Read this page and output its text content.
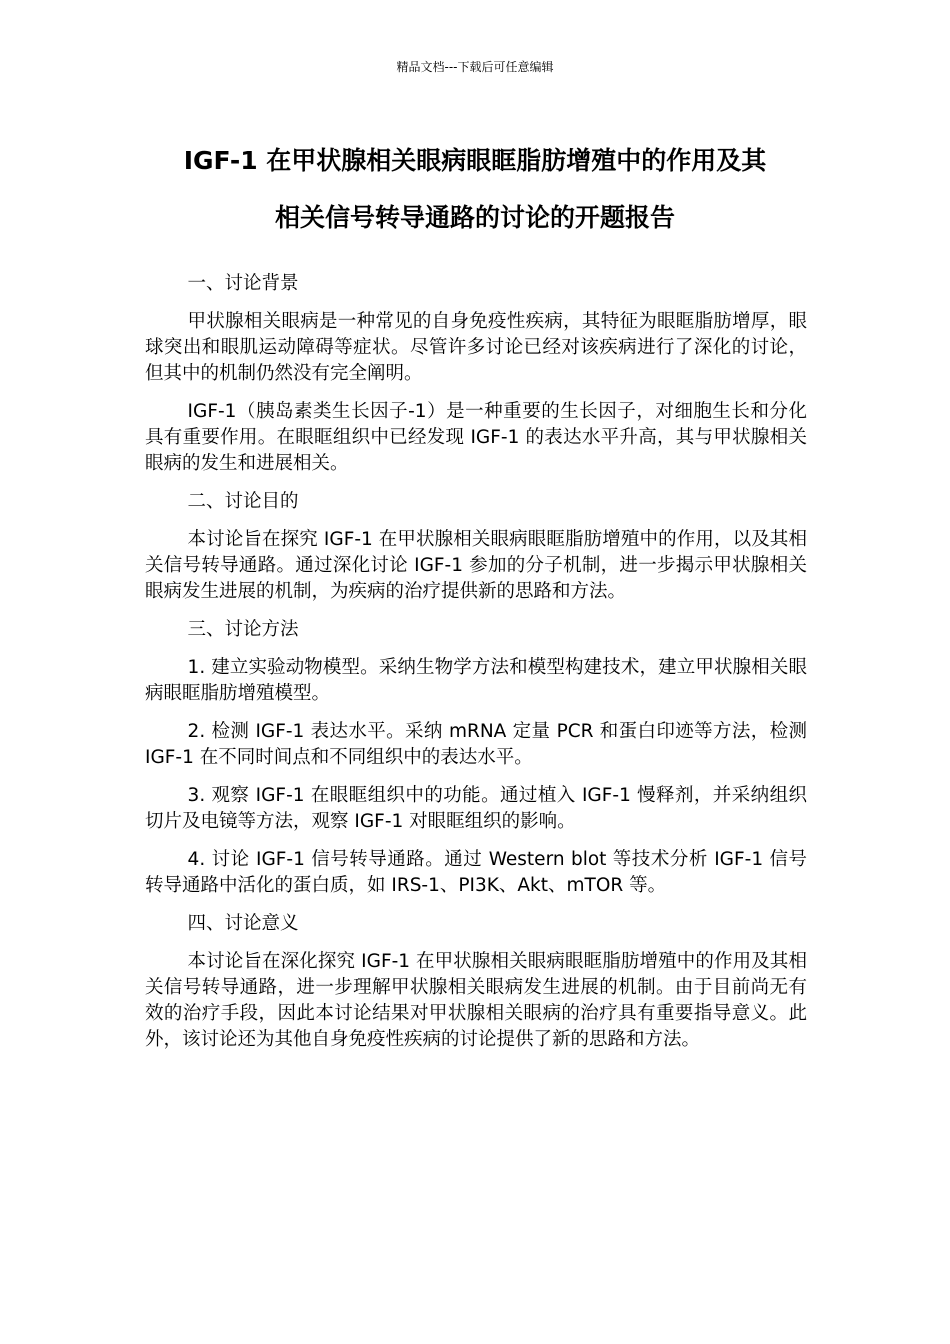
精品文档---下载后可任意编辑
IGF-1 在甲状腺相关眼病眼眶脂肪增殖中的作用及其
相关信号转导通路的讨论的开题报告

一、讨论背景

甲状腺相关眼病是一种常见的自身免疫性疾病，其特征为眼眶脂肪增厚，眼球突出和眼肌运动障碍等症状。尽管许多讨论已经对该疾病进行了深化的讨论，但其中的机制仍然没有完全阐明。

IGF-1（胰岛素类生长因子-1）是一种重要的生长因子，对细胞生长和分化具有重要作用。在眼眶组织中已经发现 IGF-1 的表达水平升高，其与甲状腺相关眼病的发生和进展相关。

二、讨论目的

本讨论旨在探究 IGF-1 在甲状腺相关眼病眼眶脂肪增殖中的作用，以及其相关信号转导通路。通过深化讨论 IGF-1 参加的分子机制，进一步揭示甲状腺相关眼病发生进展的机制，为疾病的治疗提供新的思路和方法。

三、讨论方法

1. 建立实验动物模型。采纳生物学方法和模型构建技术，建立甲状腺相关眼病眼眶脂肪增殖模型。

2. 检测 IGF-1 表达水平。采纳 mRNA 定量 PCR 和蛋白印迹等方法，检测 IGF-1 在不同时间点和不同组织中的表达水平。

3. 观察 IGF-1 在眼眶组织中的功能。通过植入 IGF-1 慢释剂，并采纳组织切片及电镜等方法，观察 IGF-1 对眼眶组织的影响。

4. 讨论 IGF-1 信号转导通路。通过 Western blot 等技术分析 IGF-1 信号转导通路中活化的蛋白质，如 IRS-1、PI3K、Akt、mTOR 等。

四、讨论意义

本讨论旨在深化探究 IGF-1 在甲状腺相关眼病眼眶脂肪增殖中的作用及其相关信号转导通路，进一步理解甲状腺相关眼病发生进展的机制。由于目前尚无有效的治疗手段，因此本讨论结果对甲状腺相关眼病的治疗具有重要指导意义。此外，该讨论还为其他自身免疫性疾病的讨论提供了新的思路和方法。
